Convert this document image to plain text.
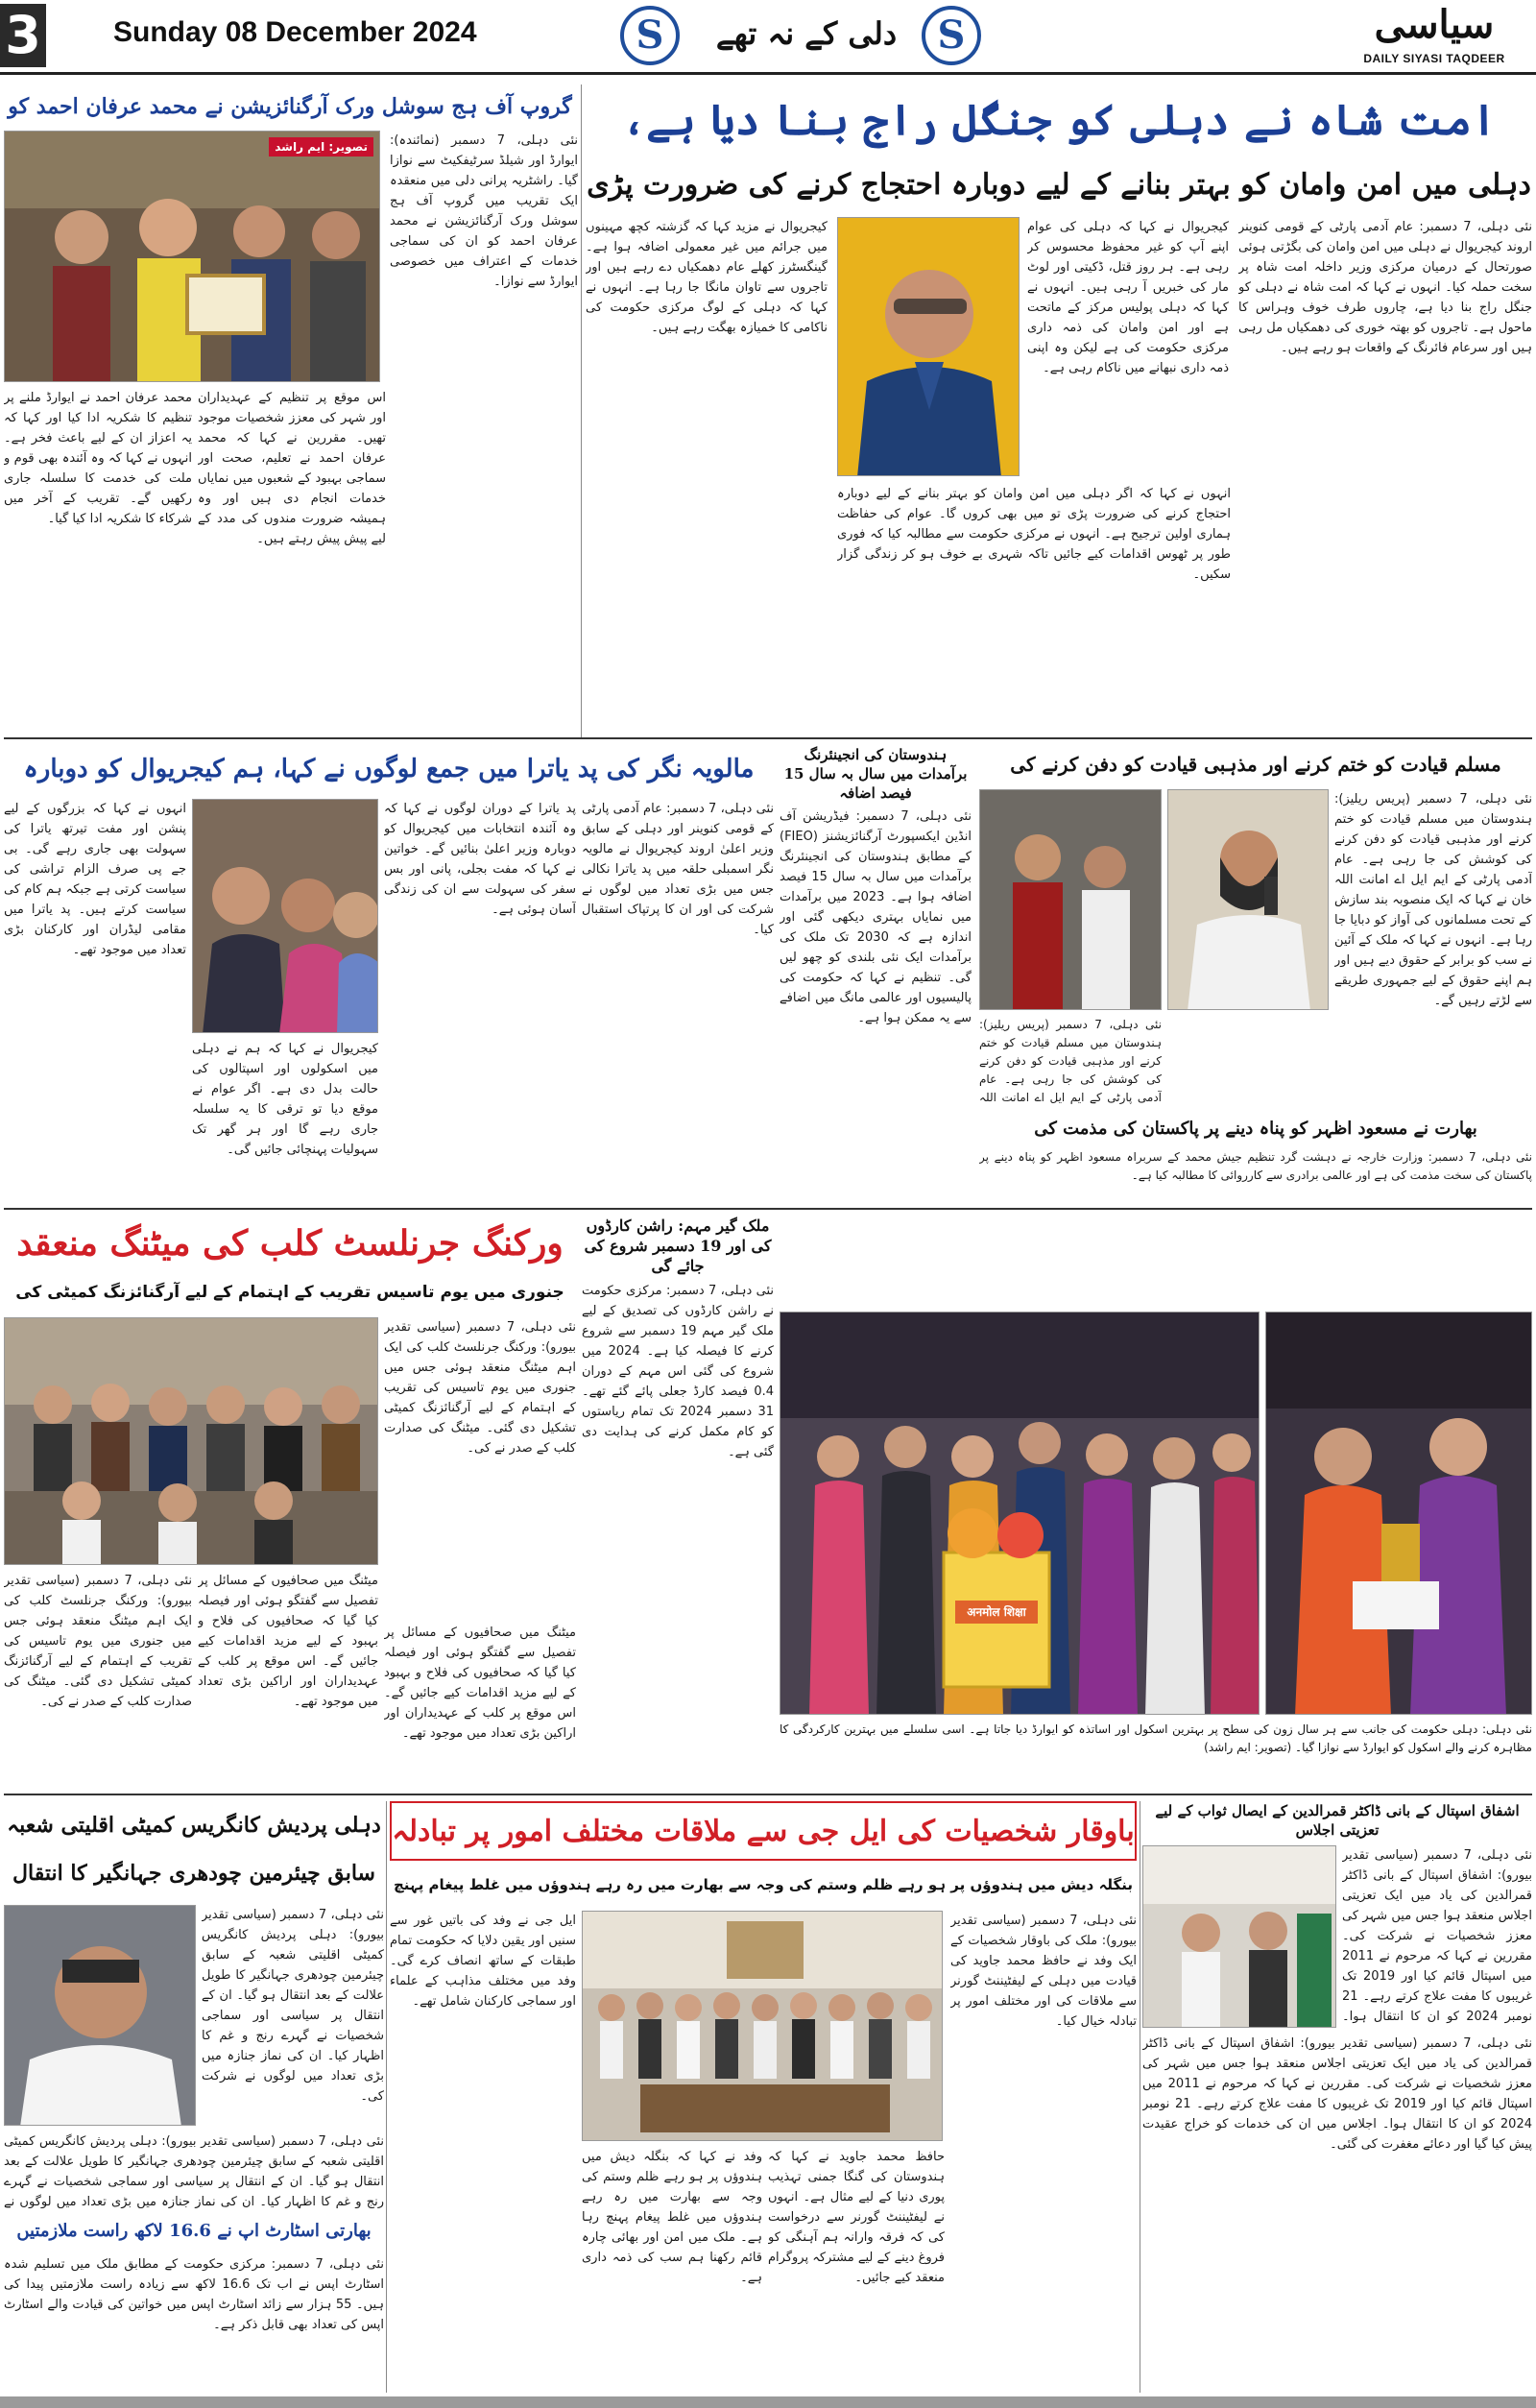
3	Sunday 08 December 2024	S	دلی کے نہ تھے	S	سیاسی
DAILY SIYASI TAQDEER
امت شاہ نے دہلی کو جنگل راج بنا دیا ہے،
دہلی میں امن وامان کو بہتر بنانے کے لیے دوبارہ احتجاج کرنے کی ضرورت پڑی
نئی دہلی، 7 دسمبر: عام آدمی پارٹی کے قومی کنوینر اروند کیجریوال نے دہلی میں امن وامان کی بگڑتی ہوئی صورتحال کے درمیان مرکزی وزیر داخلہ امت شاہ پر سخت حملہ کیا۔ انہوں نے کہا کہ امت شاہ نے دہلی کو جنگل راج بنا دیا ہے، چاروں طرف خوف وہراس کا ماحول ہے۔ تاجروں کو بھتہ خوری کی دھمکیاں مل رہی ہیں اور سرعام فائرنگ کے واقعات ہو رہے ہیں۔
کیجریوال نے کہا کہ دہلی کی عوام اپنے آپ کو غیر محفوظ محسوس کر رہی ہے۔ ہر روز قتل، ڈکیتی اور لوٹ مار کی خبریں آ رہی ہیں۔ انہوں نے کہا کہ دہلی پولیس مرکز کے ماتحت ہے اور امن وامان کی ذمہ داری مرکزی حکومت کی ہے لیکن وہ اپنی ذمہ داری نبھانے میں ناکام رہی ہے۔
کیجریوال نے مزید کہا کہ گزشتہ کچھ مہینوں میں جرائم میں غیر معمولی اضافہ ہوا ہے۔ گینگسٹرز کھلے عام دھمکیاں دے رہے ہیں اور تاجروں سے تاوان مانگا جا رہا ہے۔ انہوں نے کہا کہ دہلی کے لوگ مرکزی حکومت کی ناکامی کا خمیازہ بھگت رہے ہیں۔
انہوں نے کہا کہ اگر دہلی میں امن وامان کو بہتر بنانے کے لیے دوبارہ احتجاج کرنے کی ضرورت پڑی تو میں بھی کروں گا۔ عوام کی حفاظت ہماری اولین ترجیح ہے۔ انہوں نے مرکزی حکومت سے مطالبہ کیا کہ فوری طور پر ٹھوس اقدامات کیے جائیں تاکہ شہری بے خوف ہو کر زندگی گزار سکیں۔
گروپ آف ہج سوشل ورک آرگنائزیشن نے محمد عرفان احمد کو
نئی دہلی، 7 دسمبر (نمائندہ): ایوارڈ اور شیلڈ سرٹیفکیٹ سے نوازا گیا۔ راشٹریہ پرانی دلی میں منعقدہ ایک تقریب میں گروپ آف ہج سوشل ورک آرگنائزیشن نے محمد عرفان احمد کو ان کی سماجی خدمات کے اعتراف میں خصوصی ایوارڈ سے نوازا۔
تصویر: ایم راشد
محمد عرفان احمد نے ایوارڈ ملنے پر تنظیم کا شکریہ ادا کیا اور کہا کہ یہ اعزاز ان کے لیے باعث فخر ہے۔ انہوں نے کہا کہ وہ آئندہ بھی قوم و ملت کی خدمت کا سلسلہ جاری رکھیں گے۔ تقریب کے آخر میں شرکاء کا شکریہ ادا کیا گیا۔
اس موقع پر تنظیم کے عہدیداران اور شہر کی معزز شخصیات موجود تھیں۔ مقررین نے کہا کہ محمد عرفان احمد نے تعلیم، صحت اور سماجی بہبود کے شعبوں میں نمایاں خدمات انجام دی ہیں اور وہ ہمیشہ ضرورت مندوں کی مدد کے لیے پیش پیش رہتے ہیں۔
مسلم قیادت کو ختم کرنے اور مذہبی قیادت کو دفن کرنے کی
نئی دہلی، 7 دسمبر (پریس ریلیز): ہندوستان میں مسلم قیادت کو ختم کرنے اور مذہبی قیادت کو دفن کرنے کی کوشش کی جا رہی ہے۔ عام آدمی پارٹی کے ایم ایل اے امانت اللہ خان نے کہا کہ ایک منصوبہ بند سازش کے تحت مسلمانوں کی آواز کو دبایا جا رہا ہے۔ انہوں نے کہا کہ ملک کے آئین نے سب کو برابر کے حقوق دیے ہیں اور ہم اپنے حقوق کے لیے جمہوری طریقے سے لڑتے رہیں گے۔
بھارت نے مسعود اظہر کو پناہ دینے پر پاکستان کی مذمت کی
نئی دہلی، 7 دسمبر: وزارت خارجہ نے دہشت گرد تنظیم جیش محمد کے سربراہ مسعود اظہر کو پناہ دینے پر پاکستان کی سخت مذمت کی ہے اور عالمی برادری سے کارروائی کا مطالبہ کیا ہے۔
نئی دہلی، 7 دسمبر (پریس ریلیز): ہندوستان میں مسلم قیادت کو ختم کرنے اور مذہبی قیادت کو دفن کرنے کی کوشش کی جا رہی ہے۔ عام آدمی پارٹی کے ایم ایل اے امانت اللہ
ہندوستان کی انجینئرنگ برآمدات میں سال بہ سال 15 فیصد اضافہ
نئی دہلی، 7 دسمبر: فیڈریشن آف انڈین ایکسپورٹ آرگنائزیشنز (FIEO) کے مطابق ہندوستان کی انجینئرنگ برآمدات میں سال بہ سال 15 فیصد اضافہ ہوا ہے۔ 2023 میں برآمدات میں نمایاں بہتری دیکھی گئی اور اندازہ ہے کہ 2030 تک ملک کی برآمدات ایک نئی بلندی کو چھو لیں گی۔ تنظیم نے کہا کہ حکومت کی پالیسیوں اور عالمی مانگ میں اضافے سے یہ ممکن ہوا ہے۔
مالویہ نگر کی پد یاترا میں جمع لوگوں نے کہا، ہم کیجریوال کو دوبارہ
نئی دہلی، 7 دسمبر: عام آدمی پارٹی کے قومی کنوینر اور دہلی کے سابق وزیر اعلیٰ اروند کیجریوال نے مالویہ نگر اسمبلی حلقہ میں پد یاترا نکالی جس میں بڑی تعداد میں لوگوں نے شرکت کی اور ان کا پرتپاک استقبال کیا۔
پد یاترا کے دوران لوگوں نے کہا کہ وہ آئندہ انتخابات میں کیجریوال کو دوبارہ وزیر اعلیٰ بنائیں گے۔ خواتین نے کہا کہ مفت بجلی، پانی اور بس سفر کی سہولت سے ان کی زندگی آسان ہوئی ہے۔
کیجریوال نے کہا کہ ہم نے دہلی میں اسکولوں اور اسپتالوں کی حالت بدل دی ہے۔ اگر عوام نے موقع دیا تو ترقی کا یہ سلسلہ جاری رہے گا اور ہر گھر تک سہولیات پہنچائی جائیں گی۔
انہوں نے کہا کہ بزرگوں کے لیے پنشن اور مفت تیرتھ یاترا کی سہولت بھی جاری رہے گی۔ بی جے پی صرف الزام تراشی کی سیاست کرتی ہے جبکہ ہم کام کی سیاست کرتے ہیں۔ پد یاترا میں مقامی لیڈران اور کارکنان بڑی تعداد میں موجود تھے۔
ملک گیر مہم: راشن کارڈوں کی اور 19 دسمبر شروع کی جائے گی
نئی دہلی، 7 دسمبر: مرکزی حکومت نے راشن کارڈوں کی تصدیق کے لیے ملک گیر مہم 19 دسمبر سے شروع کرنے کا فیصلہ کیا ہے۔ 2024 میں شروع کی گئی اس مہم کے دوران 0.4 فیصد کارڈ جعلی پائے گئے تھے۔ 31 دسمبر 2024 تک تمام ریاستوں کو کام مکمل کرنے کی ہدایت دی گئی ہے۔
ورکنگ جرنلسٹ کلب کی میٹنگ منعقد
جنوری میں یوم تاسیس تقریب کے اہتمام کے لیے آرگنائزنگ کمیٹی کی
نئی دہلی، 7 دسمبر (سیاسی تقدیر بیورو): ورکنگ جرنلسٹ کلب کی ایک اہم میٹنگ منعقد ہوئی جس میں جنوری میں یوم تاسیس کی تقریب کے اہتمام کے لیے آرگنائزنگ کمیٹی تشکیل دی گئی۔ میٹنگ کی صدارت کلب کے صدر نے کی۔
میٹنگ میں صحافیوں کے مسائل پر تفصیل سے گفتگو ہوئی اور فیصلہ کیا گیا کہ صحافیوں کی فلاح و بہبود کے لیے مزید اقدامات کیے جائیں گے۔ اس موقع پر کلب کے عہدیداران اور اراکین بڑی تعداد میں موجود تھے۔
نئی دہلی، 7 دسمبر (سیاسی تقدیر بیورو): ورکنگ جرنلسٹ کلب کی ایک اہم میٹنگ منعقد ہوئی جس میں جنوری میں یوم تاسیس کی تقریب کے اہتمام کے لیے آرگنائزنگ کمیٹی تشکیل دی گئی۔ میٹنگ کی صدارت کلب کے صدر نے کی۔
میٹنگ میں صحافیوں کے مسائل پر تفصیل سے گفتگو ہوئی اور فیصلہ کیا گیا کہ صحافیوں کی فلاح و بہبود کے لیے مزید اقدامات کیے جائیں گے۔ اس موقع پر کلب کے عہدیداران اور اراکین بڑی تعداد میں موجود تھے۔
अनमोल शिक्षा
نئی دہلی: دہلی حکومت کی جانب سے ہر سال زون کی سطح پر بہترین اسکول اور اساتذہ کو ایوارڈ دیا جاتا ہے۔ اسی سلسلے میں بہترین کارکردگی کا مظاہرہ کرنے والے اسکول کو ایوارڈ سے نوازا گیا۔ (تصویر: ایم راشد)
اشفاق اسپتال کے بانی ڈاکٹر قمرالدین کے ایصال ثواب کے لیے تعزیتی اجلاس
نئی دہلی، 7 دسمبر (سیاسی تقدیر بیورو): اشفاق اسپتال کے بانی ڈاکٹر قمرالدین کی یاد میں ایک تعزیتی اجلاس منعقد ہوا جس میں شہر کی معزز شخصیات نے شرکت کی۔ مقررین نے کہا کہ مرحوم نے 2011 میں اسپتال قائم کیا اور 2019 تک غریبوں کا مفت علاج کرتے رہے۔ 21 نومبر 2024 کو ان کا انتقال ہوا۔
نئی دہلی، 7 دسمبر (سیاسی تقدیر بیورو): اشفاق اسپتال کے بانی ڈاکٹر قمرالدین کی یاد میں ایک تعزیتی اجلاس منعقد ہوا جس میں شہر کی معزز شخصیات نے شرکت کی۔ مقررین نے کہا کہ مرحوم نے 2011 میں اسپتال قائم کیا اور 2019 تک غریبوں کا مفت علاج کرتے رہے۔ 21 نومبر 2024 کو ان کا انتقال ہوا۔ اجلاس میں ان کی خدمات کو خراج عقیدت پیش کیا گیا اور دعائے مغفرت کی گئی۔
باوقار شخصیات کی ایل جی سے ملاقات مختلف امور پر تبادلہ
بنگلہ دیش میں ہندوؤں پر ہو رہے ظلم وستم کی وجہ سے بھارت میں رہ رہے ہندوؤں میں غلط پیغام پہنچ
نئی دہلی، 7 دسمبر (سیاسی تقدیر بیورو): ملک کی باوقار شخصیات کے ایک وفد نے حافظ محمد جاوید کی قیادت میں دہلی کے لیفٹیننٹ گورنر سے ملاقات کی اور مختلف امور پر تبادلہ خیال کیا۔
وفد نے کہا کہ بنگلہ دیش میں ہندوؤں پر ہو رہے ظلم وستم کی وجہ سے بھارت میں رہ رہے ہندوؤں میں غلط پیغام پہنچ رہا ہے۔ ملک میں امن اور بھائی چارہ قائم رکھنا ہم سب کی ذمہ داری ہے۔
حافظ محمد جاوید نے کہا کہ ہندوستان کی گنگا جمنی تہذیب پوری دنیا کے لیے مثال ہے۔ انہوں نے لیفٹیننٹ گورنر سے درخواست کی کہ فرقہ وارانہ ہم آہنگی کو فروغ دینے کے لیے مشترکہ پروگرام منعقد کیے جائیں۔
ایل جی نے وفد کی باتیں غور سے سنیں اور یقین دلایا کہ حکومت تمام طبقات کے ساتھ انصاف کرے گی۔ وفد میں مختلف مذاہب کے علماء اور سماجی کارکنان شامل تھے۔
دہلی پردیش کانگریس کمیٹی اقلیتی شعبہ
سابق چیئرمین چودھری جہانگیر کا انتقال
نئی دہلی، 7 دسمبر (سیاسی تقدیر بیورو): دہلی پردیش کانگریس کمیٹی اقلیتی شعبہ کے سابق چیئرمین چودھری جہانگیر کا طویل علالت کے بعد انتقال ہو گیا۔ ان کے انتقال پر سیاسی اور سماجی شخصیات نے گہرے رنج و غم کا اظہار کیا۔ ان کی نماز جنازہ میں بڑی تعداد میں لوگوں نے شرکت کی۔
نئی دہلی، 7 دسمبر (سیاسی تقدیر بیورو): دہلی پردیش کانگریس کمیٹی اقلیتی شعبہ کے سابق چیئرمین چودھری جہانگیر کا طویل علالت کے بعد انتقال ہو گیا۔ ان کے انتقال پر سیاسی اور سماجی شخصیات نے گہرے رنج و غم کا اظہار کیا۔ ان کی نماز جنازہ میں بڑی تعداد میں لوگوں نے
بھارتی اسٹارٹ اپ نے 16.6 لاکھ راست ملازمتیں
نئی دہلی، 7 دسمبر: مرکزی حکومت کے مطابق ملک میں تسلیم شدہ اسٹارٹ اپس نے اب تک 16.6 لاکھ سے زیادہ راست ملازمتیں پیدا کی ہیں۔ 55 ہزار سے زائد اسٹارٹ اپس میں خواتین کی قیادت والے اسٹارٹ اپس کی تعداد بھی قابل ذکر ہے۔
